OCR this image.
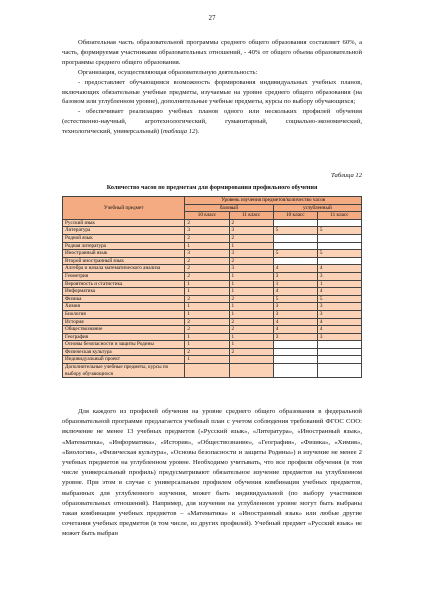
27

Обязательная часть образовательной программы среднего общего образования составляет 60%, а часть, формируемая участниками образовательных отношений, - 40% от общего объема образовательной программы среднего общего образования.

Организация, осуществляющая образовательную деятельность:

- предоставляет обучающимся возможность формирования индивидуальных учебных планов, включающих обязательные учебные предметы, изучаемые на уровне среднего общего образования (на базовом или углубленном уровне), дополнительные учебные предметы, курсы по выбору обучающихся;

- обеспечивает реализацию учебных планов одного или нескольких профилей обучения (естественно-научный, агротехнологический, гуманитарный, социально-экономический, технологический, универсальный) (таблица 12).

Таблица 12
Количество часов по предметам для формирования профильного обучения
Учебный предмет	Уровень изучения предметов/количество часов			
	базовый		углубленный	
	10 класс	11 класс	10 класс	11 класс
Русский язык	2	2		
Литература	3	3	5	5
Родной язык	2	2		
Родная литература	1	1		
Иностранный язык	3	3	5	5
Второй иностранный язык	2	2		
Алгебра и начала математического анализа	2	3	4	4
Геометрия	2	1	3	3
Вероятность и статистика	1	1	1	1
Информатика	1	1	4	4
Физика	2	2	5	5
Химия	1	1	3	3
Биология	1	1	3	3
История	2	2	4	4
Обществознание	2	2	4	4
География	1	1	3	3
Основы безопасности и защиты Родины	1	1		
Физическая культура	2	2		
Индивидуальный проект	1			
Дополнительные учебные предметы, курсы по выбору обучающихся				

Для каждого из профилей обучения на уровне среднего общего образования в федеральной образовательной программе предлагается учебный план с учетом соблюдения требований ФГОС СОО: включение не менее 13 учебных предметов («Русский язык», «Литература», «Иностранный язык», «Математика», «Информатика», «История», «Обществознание», «География», «Физика», «Химия», «Биология», «Физическая культура», «Основы безопасности и защиты Родины») и изучение не менее 2 учебных предметов на углубленном уровне. Необходимо учитывать, что все профили обучения (в том числе универсальный профиль) предусматривают обязательное изучение предметов на углубленном уровне. При этом в случае с универсальным профилем обучения комбинация учебных предметов, выбранных для углубленного изучения, может быть индивидуальной (по выбору участников образовательных отношений). Например, для изучения на углубленном уровне могут быть выбраны такая комбинация учебных предметов – «Математика» и «Иностранный язык» или любые другие сочетания учебных предметов (в том числе, из других профилей). Учебный предмет «Русский язык» не может быть выбран
